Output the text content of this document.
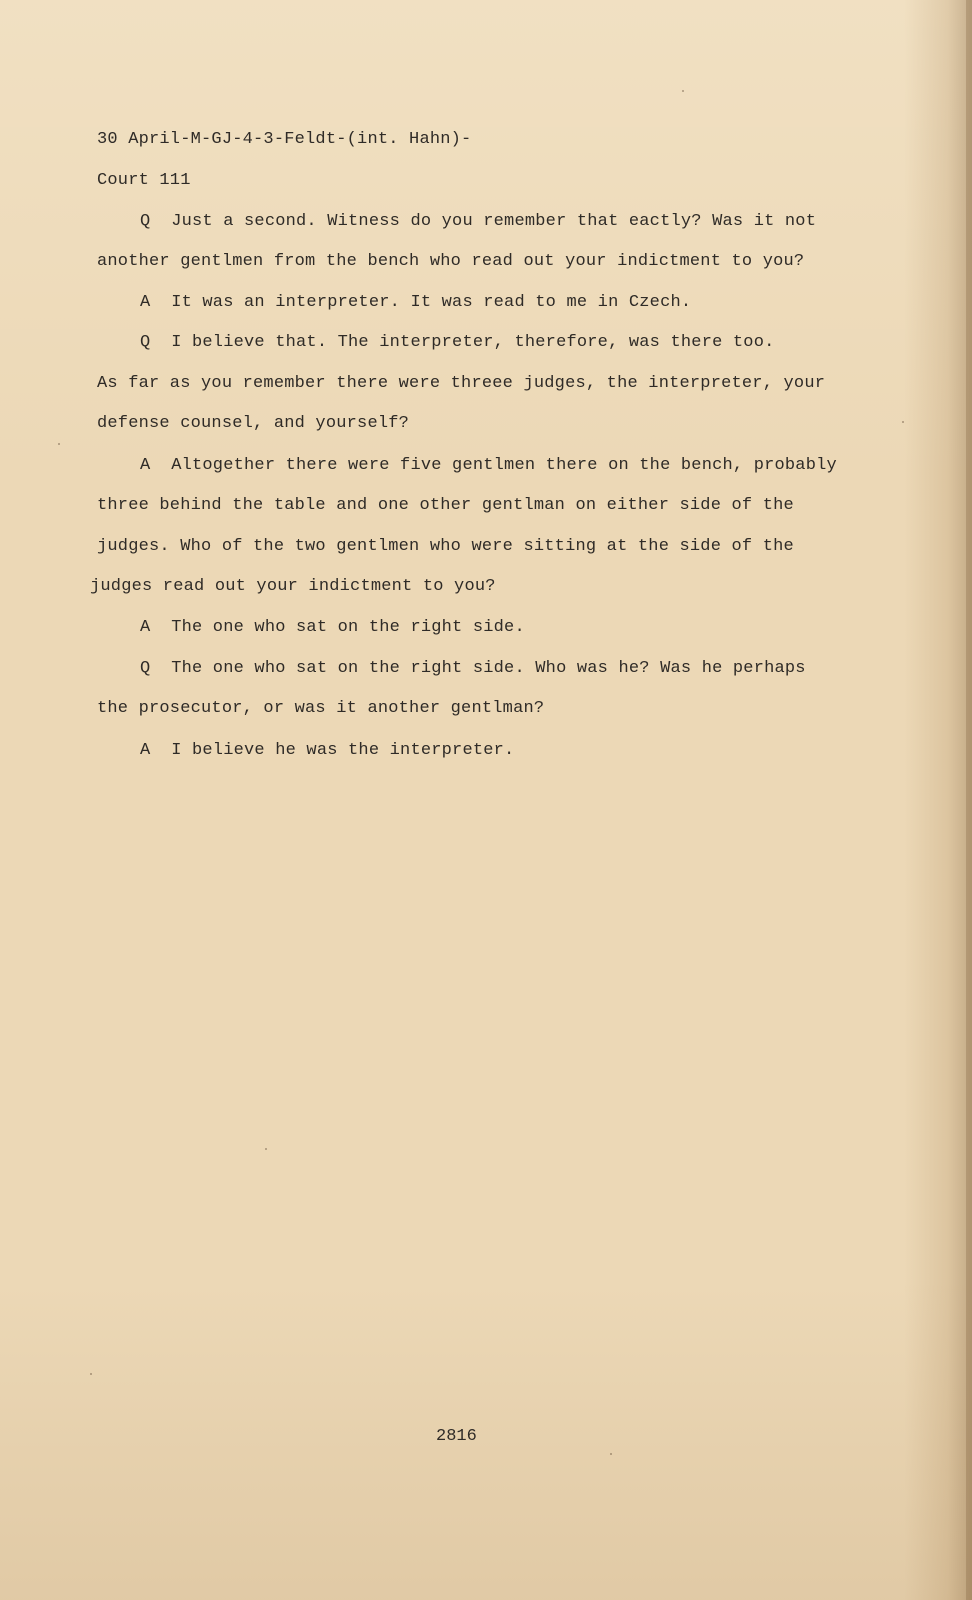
30 April-M-GJ-4-3-Feldt-(int. Hahn)-
Court 111
Q  Just a second. Witness do you remember that eactly? Was it not
another gentlmen from the bench who read out your indictment to you?
A  It was an interpreter. It was read to me in Czech.
Q  I believe that. The interpreter, therefore, was there too.
As far as you remember there were threee judges, the interpreter, your
defense counsel, and yourself?
A  Altogether there were five gentlmen there on the bench, probably
three behind the table and one other gentlman on either side of the
judges. Who of the two gentlmen who were sitting at the side of the
judges read out your indictment to you?
A  The one who sat on the right side.
Q  The one who sat on the right side. Who was he? Was he perhaps
the prosecutor, or was it another gentlman?
A  I believe he was the interpreter.
2816
